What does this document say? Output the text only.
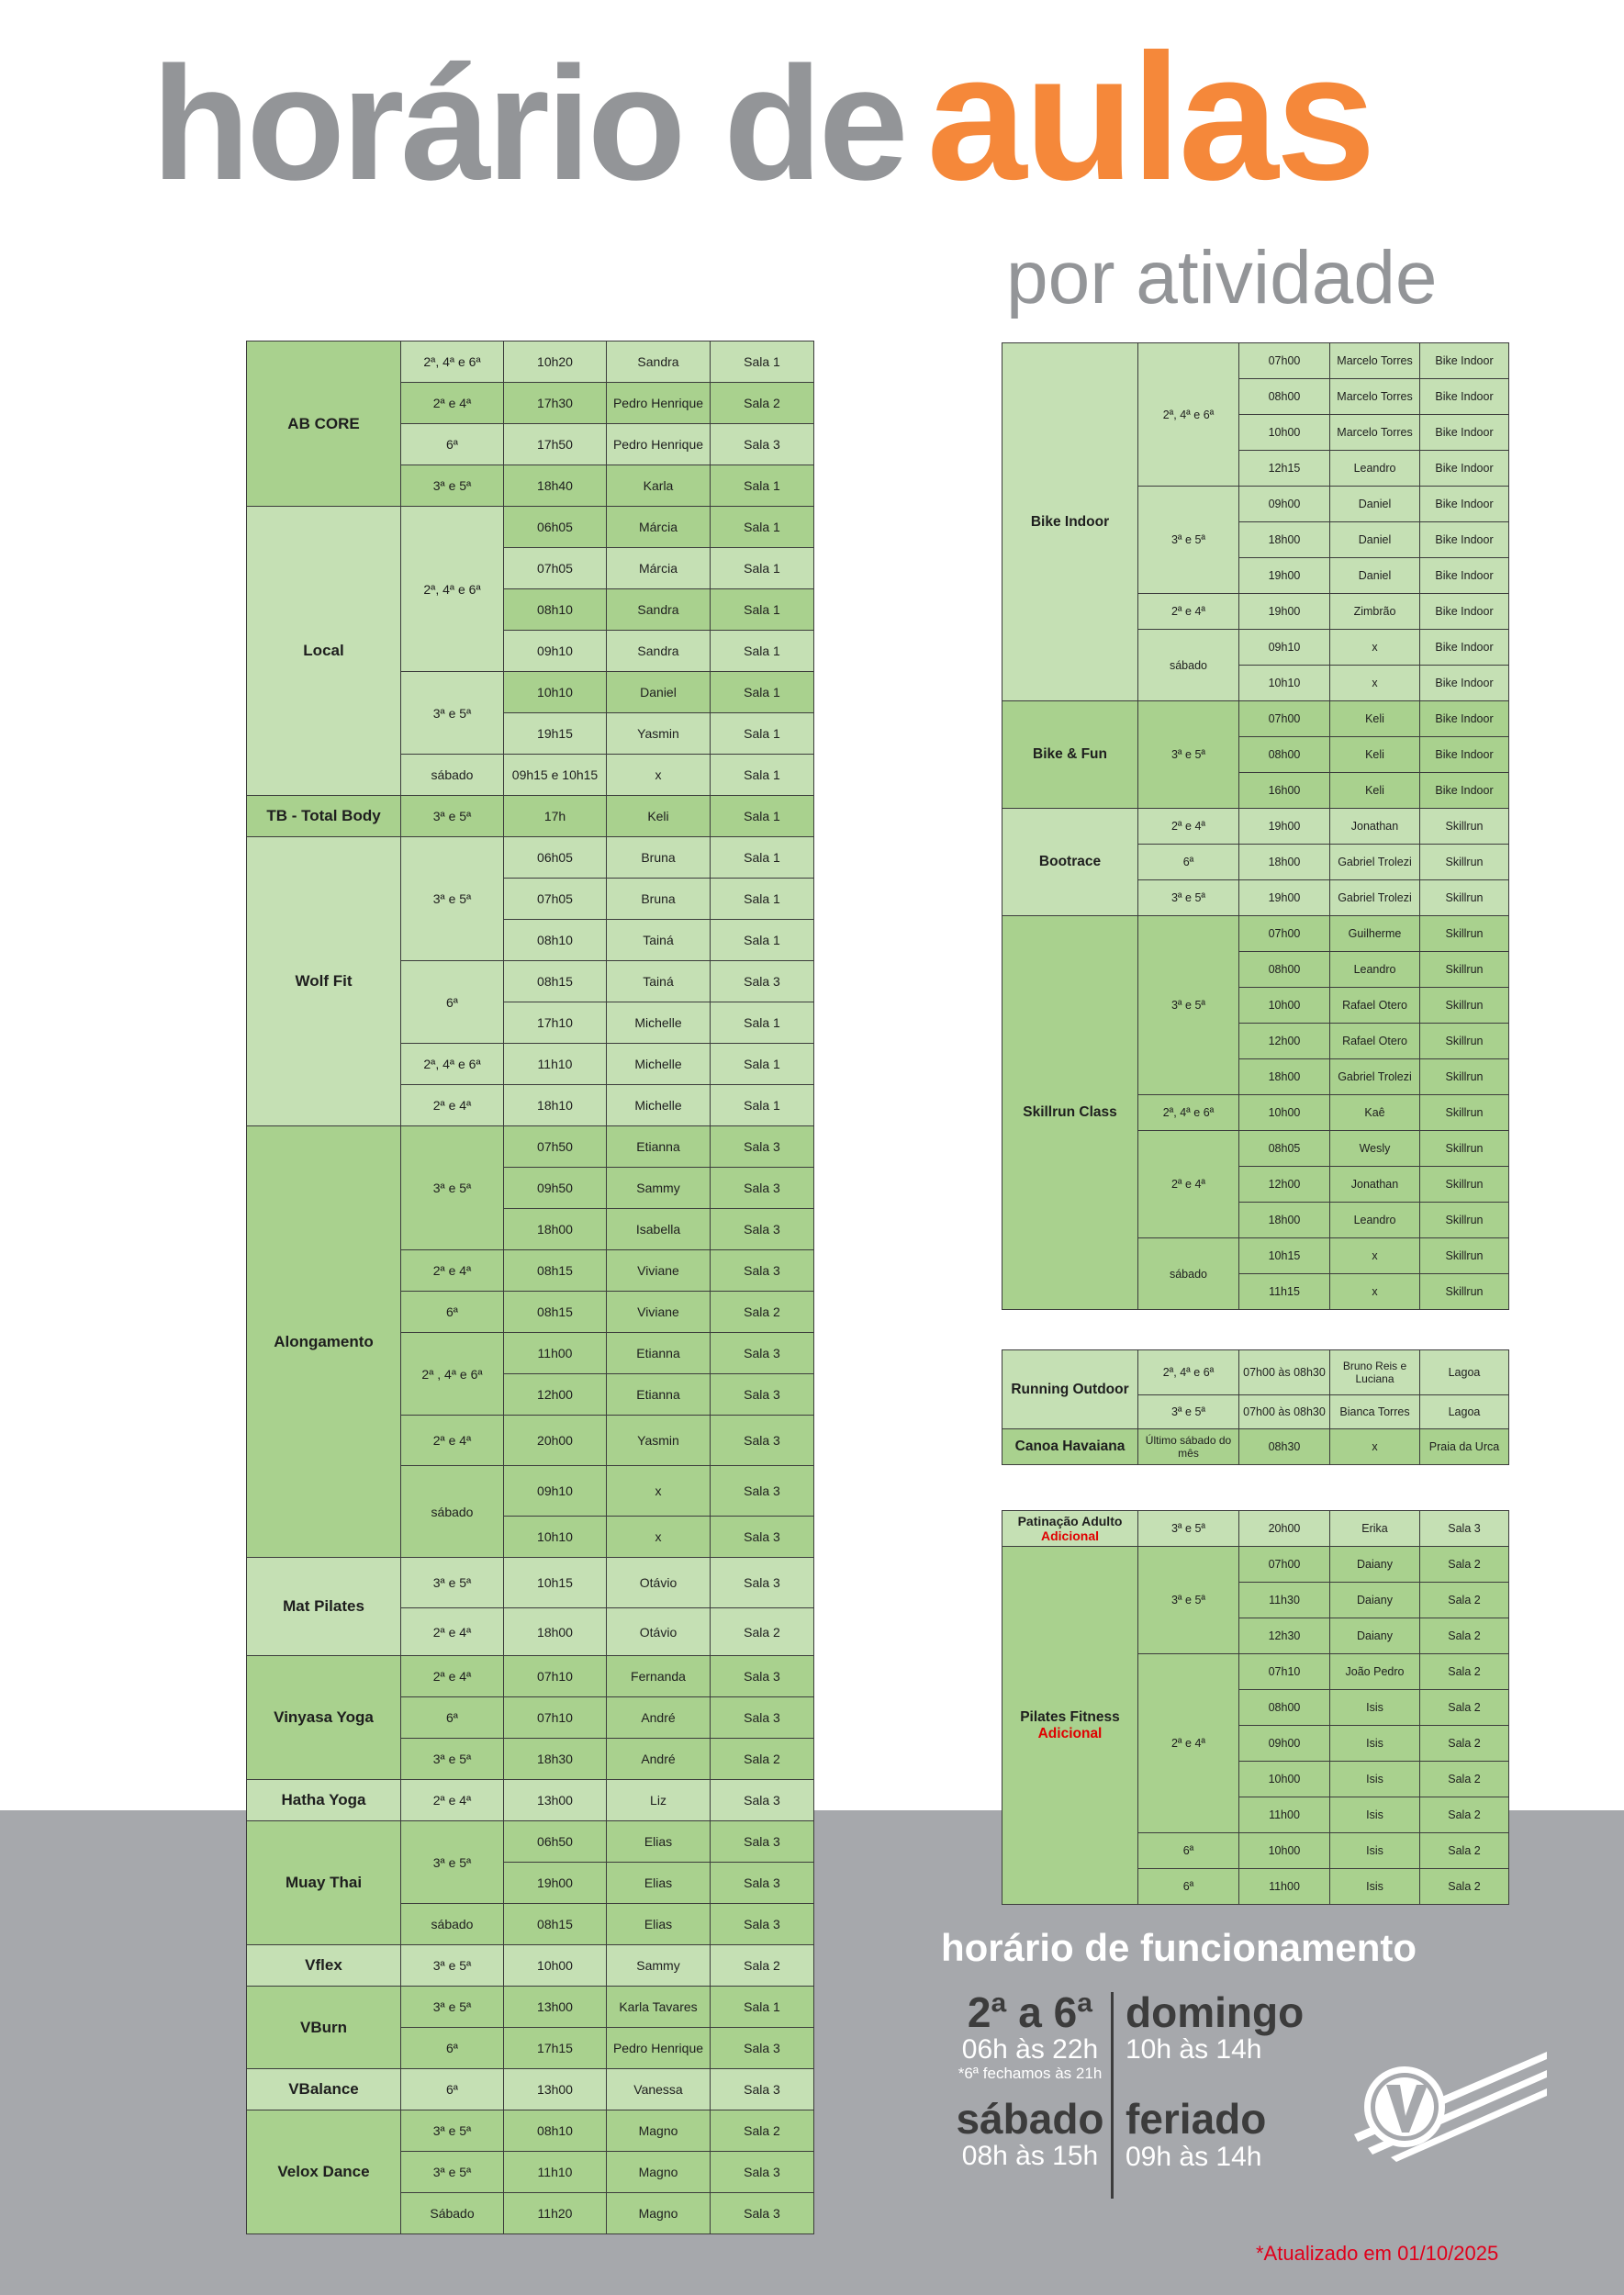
horário de aulas
por atividade
AB CORE	2ª, 4ª e 6ª	10h20	Sandra	Sala 1
	2ª e 4ª	17h30	Pedro Henrique	Sala 2
	6ª	17h50	Pedro Henrique	Sala 3
	3ª e 5ª	18h40	Karla	Sala 1
Local	2ª, 4ª e 6ª	06h05	Márcia	Sala 1
		07h05	Márcia	Sala 1
		08h10	Sandra	Sala 1
		09h10	Sandra	Sala 1
	3ª e 5ª	10h10	Daniel	Sala 1
		19h15	Yasmin	Sala 1
	sábado	09h15 e 10h15	x	Sala 1
TB - Total Body	3ª e 5ª	17h	Keli	Sala 1
Wolf Fit	3ª e 5ª	06h05	Bruna	Sala 1
		07h05	Bruna	Sala 1
		08h10	Tainá	Sala 1
	6ª	08h15	Tainá	Sala 3
		17h10	Michelle	Sala 1
	2ª, 4ª e 6ª	11h10	Michelle	Sala 1
	2ª e 4ª	18h10	Michelle	Sala 1
Alongamento	3ª e 5ª	07h50	Etianna	Sala 3
		09h50	Sammy	Sala 3
		18h00	Isabella	Sala 3
	2ª e 4ª	08h15	Viviane	Sala 3
	6ª	08h15	Viviane	Sala 2
	2ª , 4ª e 6ª	11h00	Etianna	Sala 3
		12h00	Etianna	Sala 3
	2ª e 4ª	20h00	Yasmin	Sala 3
	sábado	09h10	x	Sala 3
		10h10	x	Sala 3
Mat Pilates	3ª e 5ª	10h15	Otávio	Sala 3
	2ª e 4ª	18h00	Otávio	Sala 2
Vinyasa Yoga	2ª e 4ª	07h10	Fernanda	Sala 3
	6ª	07h10	André	Sala 3
	3ª e 5ª	18h30	André	Sala 2
Hatha Yoga	2ª e 4ª	13h00	Liz	Sala 3
Muay Thai	3ª e 5ª	06h50	Elias	Sala 3
		19h00	Elias	Sala 3
	sábado	08h15	Elias	Sala 3
Vflex	3ª e 5ª	10h00	Sammy	Sala 2
VBurn	3ª e 5ª	13h00	Karla Tavares	Sala 1
	6ª	17h15	Pedro Henrique	Sala 3
VBalance	6ª	13h00	Vanessa	Sala 3
Velox Dance	3ª e 5ª	08h10	Magno	Sala 2
	3ª e 5ª	11h10	Magno	Sala 3
	Sábado	11h20	Magno	Sala 3
Bike Indoor	2ª, 4ª e 6ª	07h00	Marcelo Torres	Bike Indoor
		08h00	Marcelo Torres	Bike Indoor
		10h00	Marcelo Torres	Bike Indoor
		12h15	Leandro	Bike Indoor
	3ª e 5ª	09h00	Daniel	Bike Indoor
		18h00	Daniel	Bike Indoor
		19h00	Daniel	Bike Indoor
	2ª e 4ª	19h00	Zimbrão	Bike Indoor
	sábado	09h10	x	Bike Indoor
		10h10	x	Bike Indoor
Bike & Fun	3ª e 5ª	07h00	Keli	Bike Indoor
		08h00	Keli	Bike Indoor
		16h00	Keli	Bike Indoor
Bootrace	2ª e 4ª	19h00	Jonathan	Skillrun
	6ª	18h00	Gabriel Trolezi	Skillrun
	3ª e 5ª	19h00	Gabriel Trolezi	Skillrun
Skillrun Class	3ª e 5ª	07h00	Guilherme	Skillrun
		08h00	Leandro	Skillrun
		10h00	Rafael Otero	Skillrun
		12h00	Rafael Otero	Skillrun
		18h00	Gabriel Trolezi	Skillrun
	2ª, 4ª e 6ª	10h00	Kaê	Skillrun
	2ª e 4ª	08h05	Wesly	Skillrun
		12h00	Jonathan	Skillrun
		18h00	Leandro	Skillrun
	sábado	10h15	x	Skillrun
		11h15	x	Skillrun
Running Outdoor	2ª, 4ª e 6ª	07h00 às 08h30	Bruno Reis e Luciana	Lagoa
	3ª e 5ª	07h00 às 08h30	Bianca Torres	Lagoa
Canoa Havaiana	Último sábado do mês	08h30	x	Praia da Urca
Patinação Adulto
Adicional	3ª e 5ª	20h00	Erika	Sala 3
Pilates Fitness
Adicional	3ª e 5ª	07h00	Daiany	Sala 2
		11h30	Daiany	Sala 2
		12h30	Daiany	Sala 2
	2ª e 4ª	07h10	João Pedro	Sala 2
		08h00	Isis	Sala 2
		09h00	Isis	Sala 2
		10h00	Isis	Sala 2
		11h00	Isis	Sala 2
	6ª	10h00	Isis	Sala 2
	6ª	11h00	Isis	Sala 2
horário de funcionamento
2ª a 6ª
06h às 22h
*6ª fechamos às 21h
sábado
08h às 15h
domingo
10h às 14h
feriado
09h às 14h
*Atualizado em 01/10/2025
